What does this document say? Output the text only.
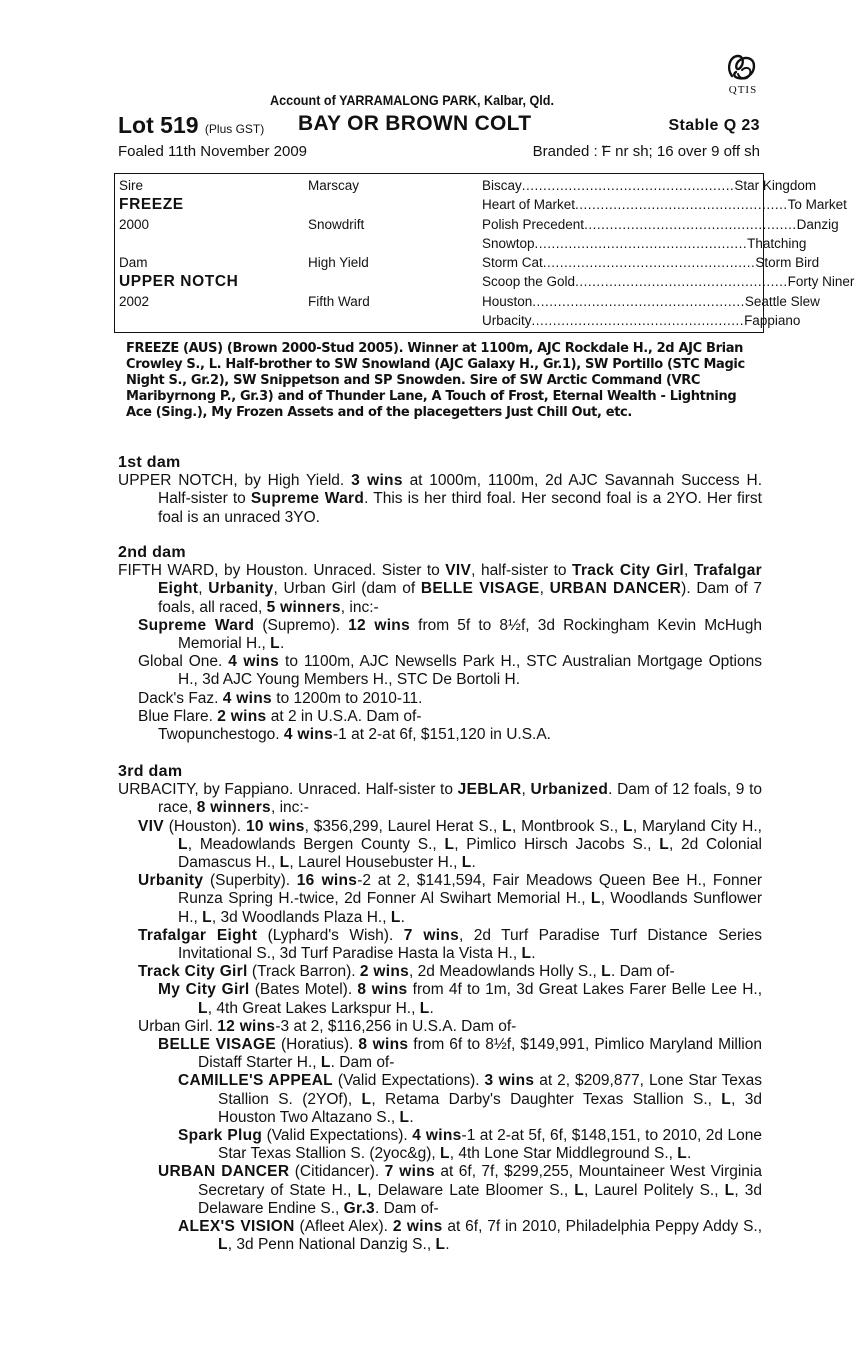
QTIS
Account of YARRAMALONG PARK, Kalbar, Qld.
Lot 519 (Plus GST) BAY OR BROWN COLT	Stable Q 23
Foaled 11th November 2009	Branded : ̃F nr sh; 16 over 9 off sh
Sire
FREEZE
2000
Dam
UPPER NOTCH
2002
Marscay
Snowdrift
High Yield
Fifth Ward
Biscay .................................................. Star Kingdom
Heart of Market .................................................. To Market
Polish Precedent .................................................. Danzig
Snowtop .................................................. Thatching
Storm Cat .................................................. Storm Bird
Scoop the Gold .................................................. Forty Niner
Houston .................................................. Seattle Slew
Urbacity .................................................. Fappiano
FREEZE (AUS) (Brown 2000-Stud 2005). Winner at 1100m, AJC Rockdale H., 2d AJC Brian Crowley S., L. Half-brother to SW Snowland (AJC Galaxy H., Gr.1), SW Portillo (STC Magic Night S., Gr.2), SW Snippetson and SP Snowden. Sire of SW Arctic Command (VRC Maribyrnong P., Gr.3) and of Thunder Lane, A Touch of Frost, Eternal Wealth - Lightning Ace (Sing.), My Frozen Assets and of the placegetters Just Chill Out, etc.
1st dam

UPPER NOTCH, by High Yield. 3 wins at 1000m, 1100m, 2d AJC Savannah Success H. Half-sister to Supreme Ward. This is her third foal. Her second foal is a 2YO. Her first foal is an unraced 3YO.

2nd dam

FIFTH WARD, by Houston. Unraced. Sister to VIV, half-sister to Track City Girl, Trafalgar Eight, Urbanity, Urban Girl (dam of BELLE VISAGE, URBAN DANCER). Dam of 7 foals, all raced, 5 winners, inc:-

Supreme Ward (Supremo). 12 wins from 5f to 8½f, 3d Rockingham Kevin McHugh Memorial H., L.

Global One. 4 wins to 1100m, AJC Newsells Park H., STC Australian Mortgage Options H., 3d AJC Young Members H., STC De Bortoli H.

Dack's Faz. 4 wins to 1200m to 2010-11.

Blue Flare. 2 wins at 2 in U.S.A. Dam of-

Twopunchestogo. 4 wins-1 at 2-at 6f, $151,120 in U.S.A.

3rd dam

URBACITY, by Fappiano. Unraced. Half-sister to JEBLAR, Urbanized. Dam of 12 foals, 9 to race, 8 winners, inc:-

VIV (Houston). 10 wins, $356,299, Laurel Herat S., L, Montbrook S., L, Maryland City H., L, Meadowlands Bergen County S., L, Pimlico Hirsch Jacobs S., L, 2d Colonial Damascus H., L, Laurel Housebuster H., L.

Urbanity (Superbity). 16 wins-2 at 2, $141,594, Fair Meadows Queen Bee H., Fonner Runza Spring H.-twice, 2d Fonner Al Swihart Memorial H., L, Woodlands Sunflower H., L, 3d Woodlands Plaza H., L.

Trafalgar Eight (Lyphard's Wish). 7 wins, 2d Turf Paradise Turf Distance Series Invitational S., 3d Turf Paradise Hasta la Vista H., L.

Track City Girl (Track Barron). 2 wins, 2d Meadowlands Holly S., L. Dam of-

My City Girl (Bates Motel). 8 wins from 4f to 1m, 3d Great Lakes Farer Belle Lee H., L, 4th Great Lakes Larkspur H., L.

Urban Girl. 12 wins-3 at 2, $116,256 in U.S.A. Dam of-

BELLE VISAGE (Horatius). 8 wins from 6f to 8½f, $149,991, Pimlico Maryland Million Distaff Starter H., L. Dam of-

CAMILLE'S APPEAL (Valid Expectations). 3 wins at 2, $209,877, Lone Star Texas Stallion S. (2YOf), L, Retama Darby's Daughter Texas Stallion S., L, 3d Houston Two Altazano S., L.

Spark Plug (Valid Expectations). 4 wins-1 at 2-at 5f, 6f, $148,151, to 2010, 2d Lone Star Texas Stallion S. (2yoc&g), L, 4th Lone Star Middleground S., L.

URBAN DANCER (Citidancer). 7 wins at 6f, 7f, $299,255, Mountaineer West Virginia Secretary of State H., L, Delaware Late Bloomer S., L, Laurel Politely S., L, 3d Delaware Endine S., Gr.3. Dam of-

ALEX'S VISION (Afleet Alex). 2 wins at 6f, 7f in 2010, Philadelphia Peppy Addy S., L, 3d Penn National Danzig S., L.
